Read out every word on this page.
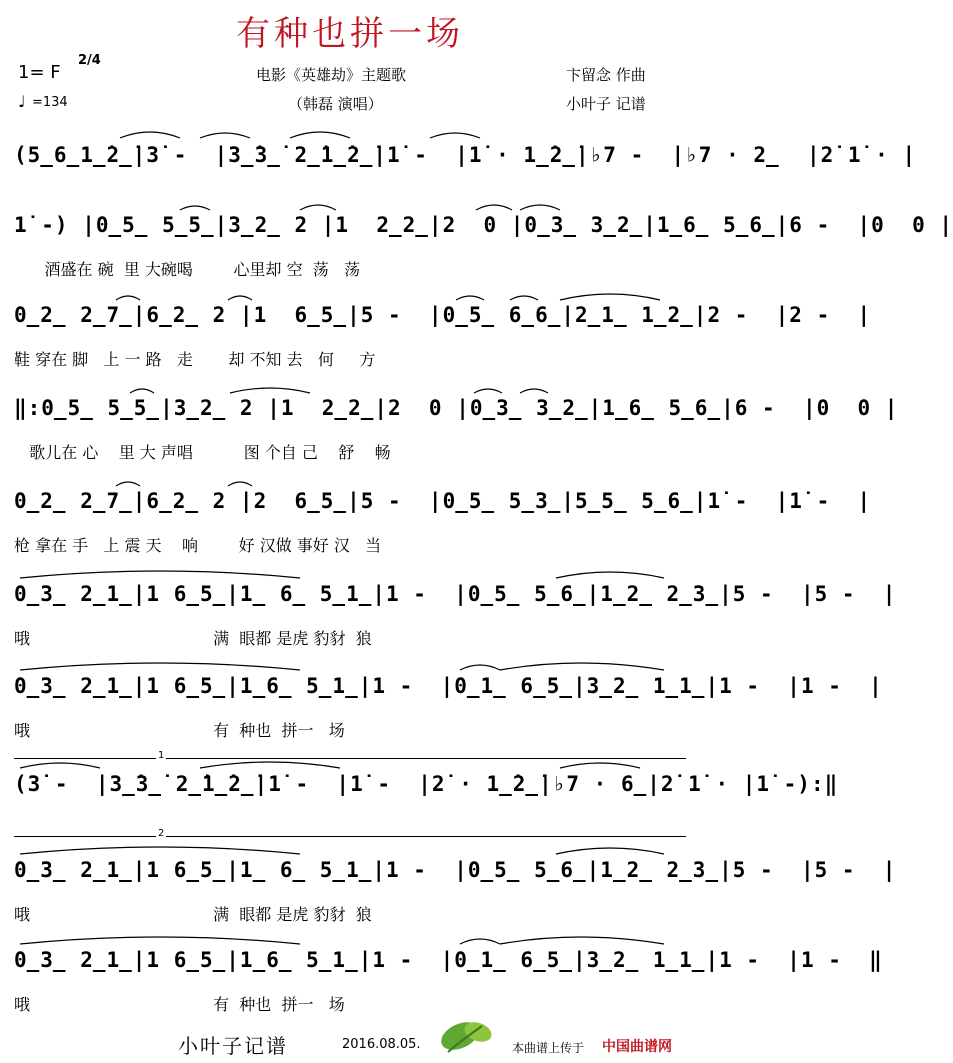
有种也拼一场
1= F
2/4
♩ =134
电影《英雄劫》主题歌
（韩磊 演唱）
卞留念 作曲
小叶子 记谱
(5̲6̲1̲̇2̲̇|3̇ -  |3̲̇3̲̇ 2̲̇1̲̇2̲̇|1̇ -  |1̇ · 1̲̇2̲̇|♭7 -  |♭7 · 2̲  |2̇ 1̇ · |
1̇ -) |0̲5̲ 5̲5̲|3̲2̲ 2 |1  2̲2̲|2  0 |0̲3̲ 3̲2̲|1̲6̲ 5̲6̲|6 -  |0  0 |
酒盛在 碗  里 大碗喝        心里却 空  荡   荡
0̲2̲ 2̲7̲|6̲2̲ 2 |1  6̲5̲|5 -  |0̲5̲ 6̲6̲|2̲1̲ 1̲2̲|2 -  |2 -  |
鞋 穿在 脚   上 一 路   走       却 不知 去   何     方
‖:0̲5̲ 5̲5̲|3̲2̲ 2 |1  2̲2̲|2  0 |0̲3̲ 3̲2̲|1̲6̲ 5̲6̲|6 -  |0  0 |
歌儿在 心    里 大 声唱          图 个自 己    舒    畅
0̲2̲ 2̲7̲|6̲2̲ 2 |2  6̲5̲|5 -  |0̲5̲ 5̲3̲|5̲5̲ 5̲6̲|1̇ -  |1̇ -  |
枪 拿在 手   上 震 天    响        好 汉做 事好 汉   当
0̲3̲ 2̲1̲|1 6̲5̲|1̲ 6̲ 5̲1̲|1 -  |0̲5̲ 5̲6̲|1̲2̲ 2̲3̲|5 -  |5 -  |
哦                                    满  眼都 是虎 豹豺  狼
0̲3̲ 2̲1̲|1 6̲5̲|1̲6̲ 5̲1̲|1 -  |0̲1̲ 6̲5̲|3̲2̲ 1̲1̲|1 -  |1 -  |
哦                                    有  种也  拼一   场
1
(3̇ -  |3̲̇3̲̇ 2̲̇1̲̇2̲̇|1̇ -  |1̇ -  |2̇ · 1̲̇2̲̇|♭7 · 6̲|2̇ 1̇ · |1̇ -):‖
2
0̲3̲ 2̲1̲|1 6̲5̲|1̲ 6̲ 5̲1̲|1 -  |0̲5̲ 5̲6̲|1̲2̲ 2̲3̲|5 -  |5 -  |
哦                                    满  眼都 是虎 豹豺  狼
0̲3̲ 2̲1̲|1 6̲5̲|1̲6̲ 5̲1̲|1 -  |0̲1̲ 6̲5̲|3̲2̲ 1̲1̲|1 -  |1 -  ‖
哦                                    有  种也  拼一   场
小叶子记谱	2016.08.05.	本曲谱上传于 中国曲谱网
